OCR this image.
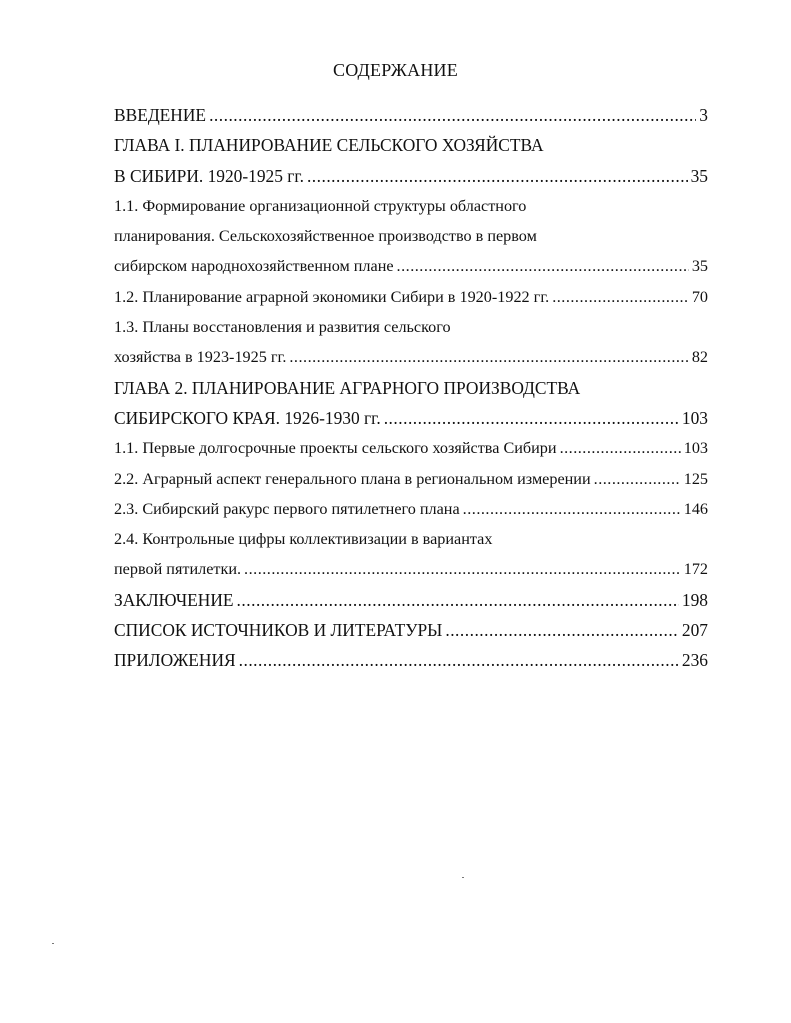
СОДЕРЖАНИЕ
ВВЕДЕНИЕ .....	3
ГЛАВА I. ПЛАНИРОВАНИЕ СЕЛЬСКОГО ХОЗЯЙСТВА
В СИБИРИ. 1920-1925 гг. .....	35
1.1. Формирование организационной структуры областного
планирования. Сельскохозяйственное производство в первом
сибирском народнохозяйственном плане .....	35
1.2. Планирование аграрной экономики Сибири в 1920-1922 гг. .....	70
1.3. Планы восстановления и развития сельского
хозяйства в 1923-1925 гг. .....	82
ГЛАВА 2. ПЛАНИРОВАНИЕ АГРАРНОГО ПРОИЗВОДСТВА
СИБИРСКОГО КРАЯ. 1926-1930 гг. .....	103
1.1. Первые долгосрочные проекты сельского хозяйства Сибири .....	103
2.2. Аграрный аспект генерального плана в региональном измерении .....	125
2.3. Сибирский ракурс первого пятилетнего плана .....	146
2.4. Контрольные цифры коллективизации в вариантах
первой пятилетки. .....	172
ЗАКЛЮЧЕНИЕ .....	198
СПИСОК ИСТОЧНИКОВ И ЛИТЕРАТУРЫ .....	207
ПРИЛОЖЕНИЯ .....	236
